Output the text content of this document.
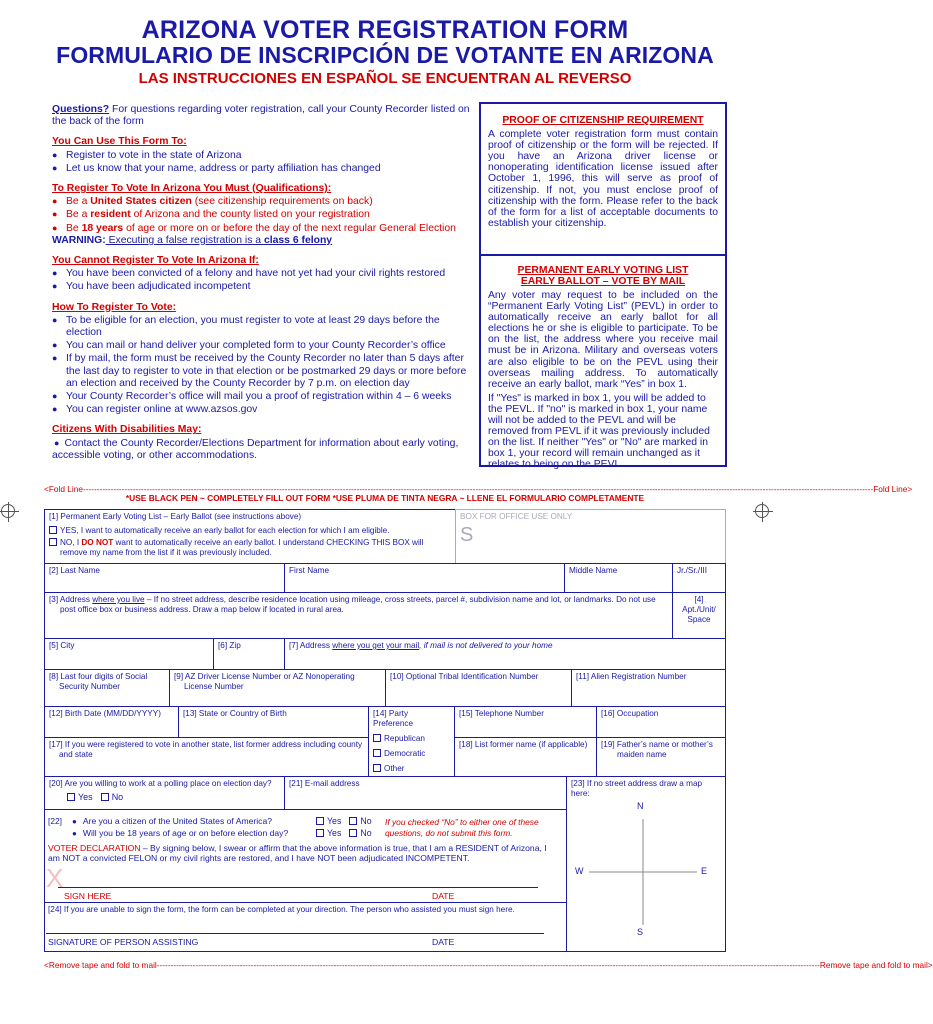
ARIZONA VOTER REGISTRATION FORM
FORMULARIO DE INSCRIPCIÓN DE VOTANTE EN ARIZONA
LAS INSTRUCCIONES EN ESPAÑOL SE ENCUENTRAN AL REVERSO
Questions? For questions regarding voter registration, call your County Recorder listed on the back of the form
You Can Use This Form To:
● Register to vote in the state of Arizona
● Let us know that your name, address or party affiliation has changed
To Register To Vote In Arizona You Must (Qualifications):
● Be a United States citizen (see citizenship requirements on back)
● Be a resident of Arizona and the county listed on your registration
● Be 18 years of age or more on or before the day of the next regular General Election
WARNING: Executing a false registration is a class 6 felony
You Cannot Register To Vote In Arizona If:
● You have been convicted of a felony and have not yet had your civil rights restored
● You have been adjudicated incompetent
How To Register To Vote:
● To be eligible for an election, you must register to vote at least 29 days before the election
● You can mail or hand deliver your completed form to your County Recorder’s office
● If by mail, the form must be received by the County Recorder no later than 5 days after the last day to register to vote in that election or be postmarked 29 days or more before an election and received by the County Recorder by 7 p.m. on election day
● Your County Recorder’s office will mail you a proof of registration within 4 – 6 weeks
● You can register online at www.azsos.gov
Citizens With Disabilities May:
● Contact the County Recorder/Elections Department for information about early voting, accessible voting, or other accommodations.
PROOF OF CITIZENSHIP REQUIREMENT
A complete voter registration form must contain proof of citizenship or the form will be rejected. If you have an Arizona driver license or nonoperating identification license issued after October 1, 1996, this will serve as proof of citizenship. If not, you must enclose proof of citizenship with the form. Please refer to the back of the form for a list of acceptable documents to establish your citizenship.
PERMANENT EARLY VOTING LIST
EARLY BALLOT – VOTE BY MAIL
Any voter may request to be included on the “Permanent Early Voting List” (PEVL) in order to automatically receive an early ballot for all elections he or she is eligible to participate. To be on the list, the address where you receive mail must be in Arizona. Military and overseas voters are also eligible to be on the PEVL using their overseas mailing address. To automatically receive an early ballot, mark “Yes” in box 1.
If "Yes" is marked in box 1, you will be added to the PEVL. If "no" is marked in box 1, your name will not be added to the PEVL and will be removed from PEVL if it was previously included on the list. If neither "Yes" or "No" are marked in box 1, your record will remain unchanged as it relates to being on the PEVL.
<Fold Line ---------------------------------------------------------------------------------------------------------------------------------------------------------------------------------------------------------------------------------------------------------------------------------------------- Fold Line>
*USE BLACK PEN ~ COMPLETELY FILL OUT FORM *USE PLUMA DE TINTA NEGRA ~ LLENE EL FORMULARIO COMPLETAMENTE
[1] Permanent Early Voting List – Early Ballot (see instructions above)
YES, I want to automatically receive an early ballot for each election for which I am eligible.
NO, I DO NOT want to automatically receive an early ballot. I understand CHECKING THIS BOX will remove my name from the list if it was previously included.
BOX FOR OFFICE USE ONLY
S
[2] Last Name	First Name	Middle Name	Jr./Sr./III
[3] Address where you live – If no street address, describe residence location using mileage, cross streets, parcel #, subdivision name and lot, or landmarks. Do not use post office box or business address. Draw a map below if located in rural area.
[4] Apt./Unit/ Space
[5] City	[6] Zip	[7] Address where you get your mail, if mail is not delivered to your home
[8] Last four digits of Social Security Number
[9] AZ Driver License Number or AZ Nonoperating License Number
[10] Optional Tribal Identification Number	[11] Alien Registration Number
[12] Birth Date (MM/DD/YYYY)	[13] State or Country of Birth	[14] Party Preference
Republican
Democratic
Other
[15] Telephone Number	[16] Occupation
[17] If you were registered to vote in another state, list former address including county and state
[18] List former name (if applicable)	[19] Father’s name or mother’s maiden name
[20] Are you willing to work at a polling place on election day?
Yes No
[21] E-mail address	[23] If no street address draw a map here:
N
S
W	E
[22]
●	Are you a citizen of the United States of America?
● Will you be 18 years of age or on before election day?
Yes No
Yes No
If you checked “No” to either one of these questions, do not submit this form.
VOTER DECLARATION – By signing below, I swear or affirm that the above information is true, that I am a RESIDENT of Arizona, I am NOT a convicted FELON or my civil rights are restored, and I have NOT been adjudicated INCOMPETENT.
X
SIGN HERE	DATE
[24] If you are unable to sign the form, the form can be completed at your direction. The person who assisted you must sign here.
SIGNATURE OF PERSON ASSISTING	DATE
<Remove tape and fold to mail ------------------------------------------------------------------------------------------------------------------------------------------------------------------------------------------------------------------------------------------------ Remove tape and fold to mail>
